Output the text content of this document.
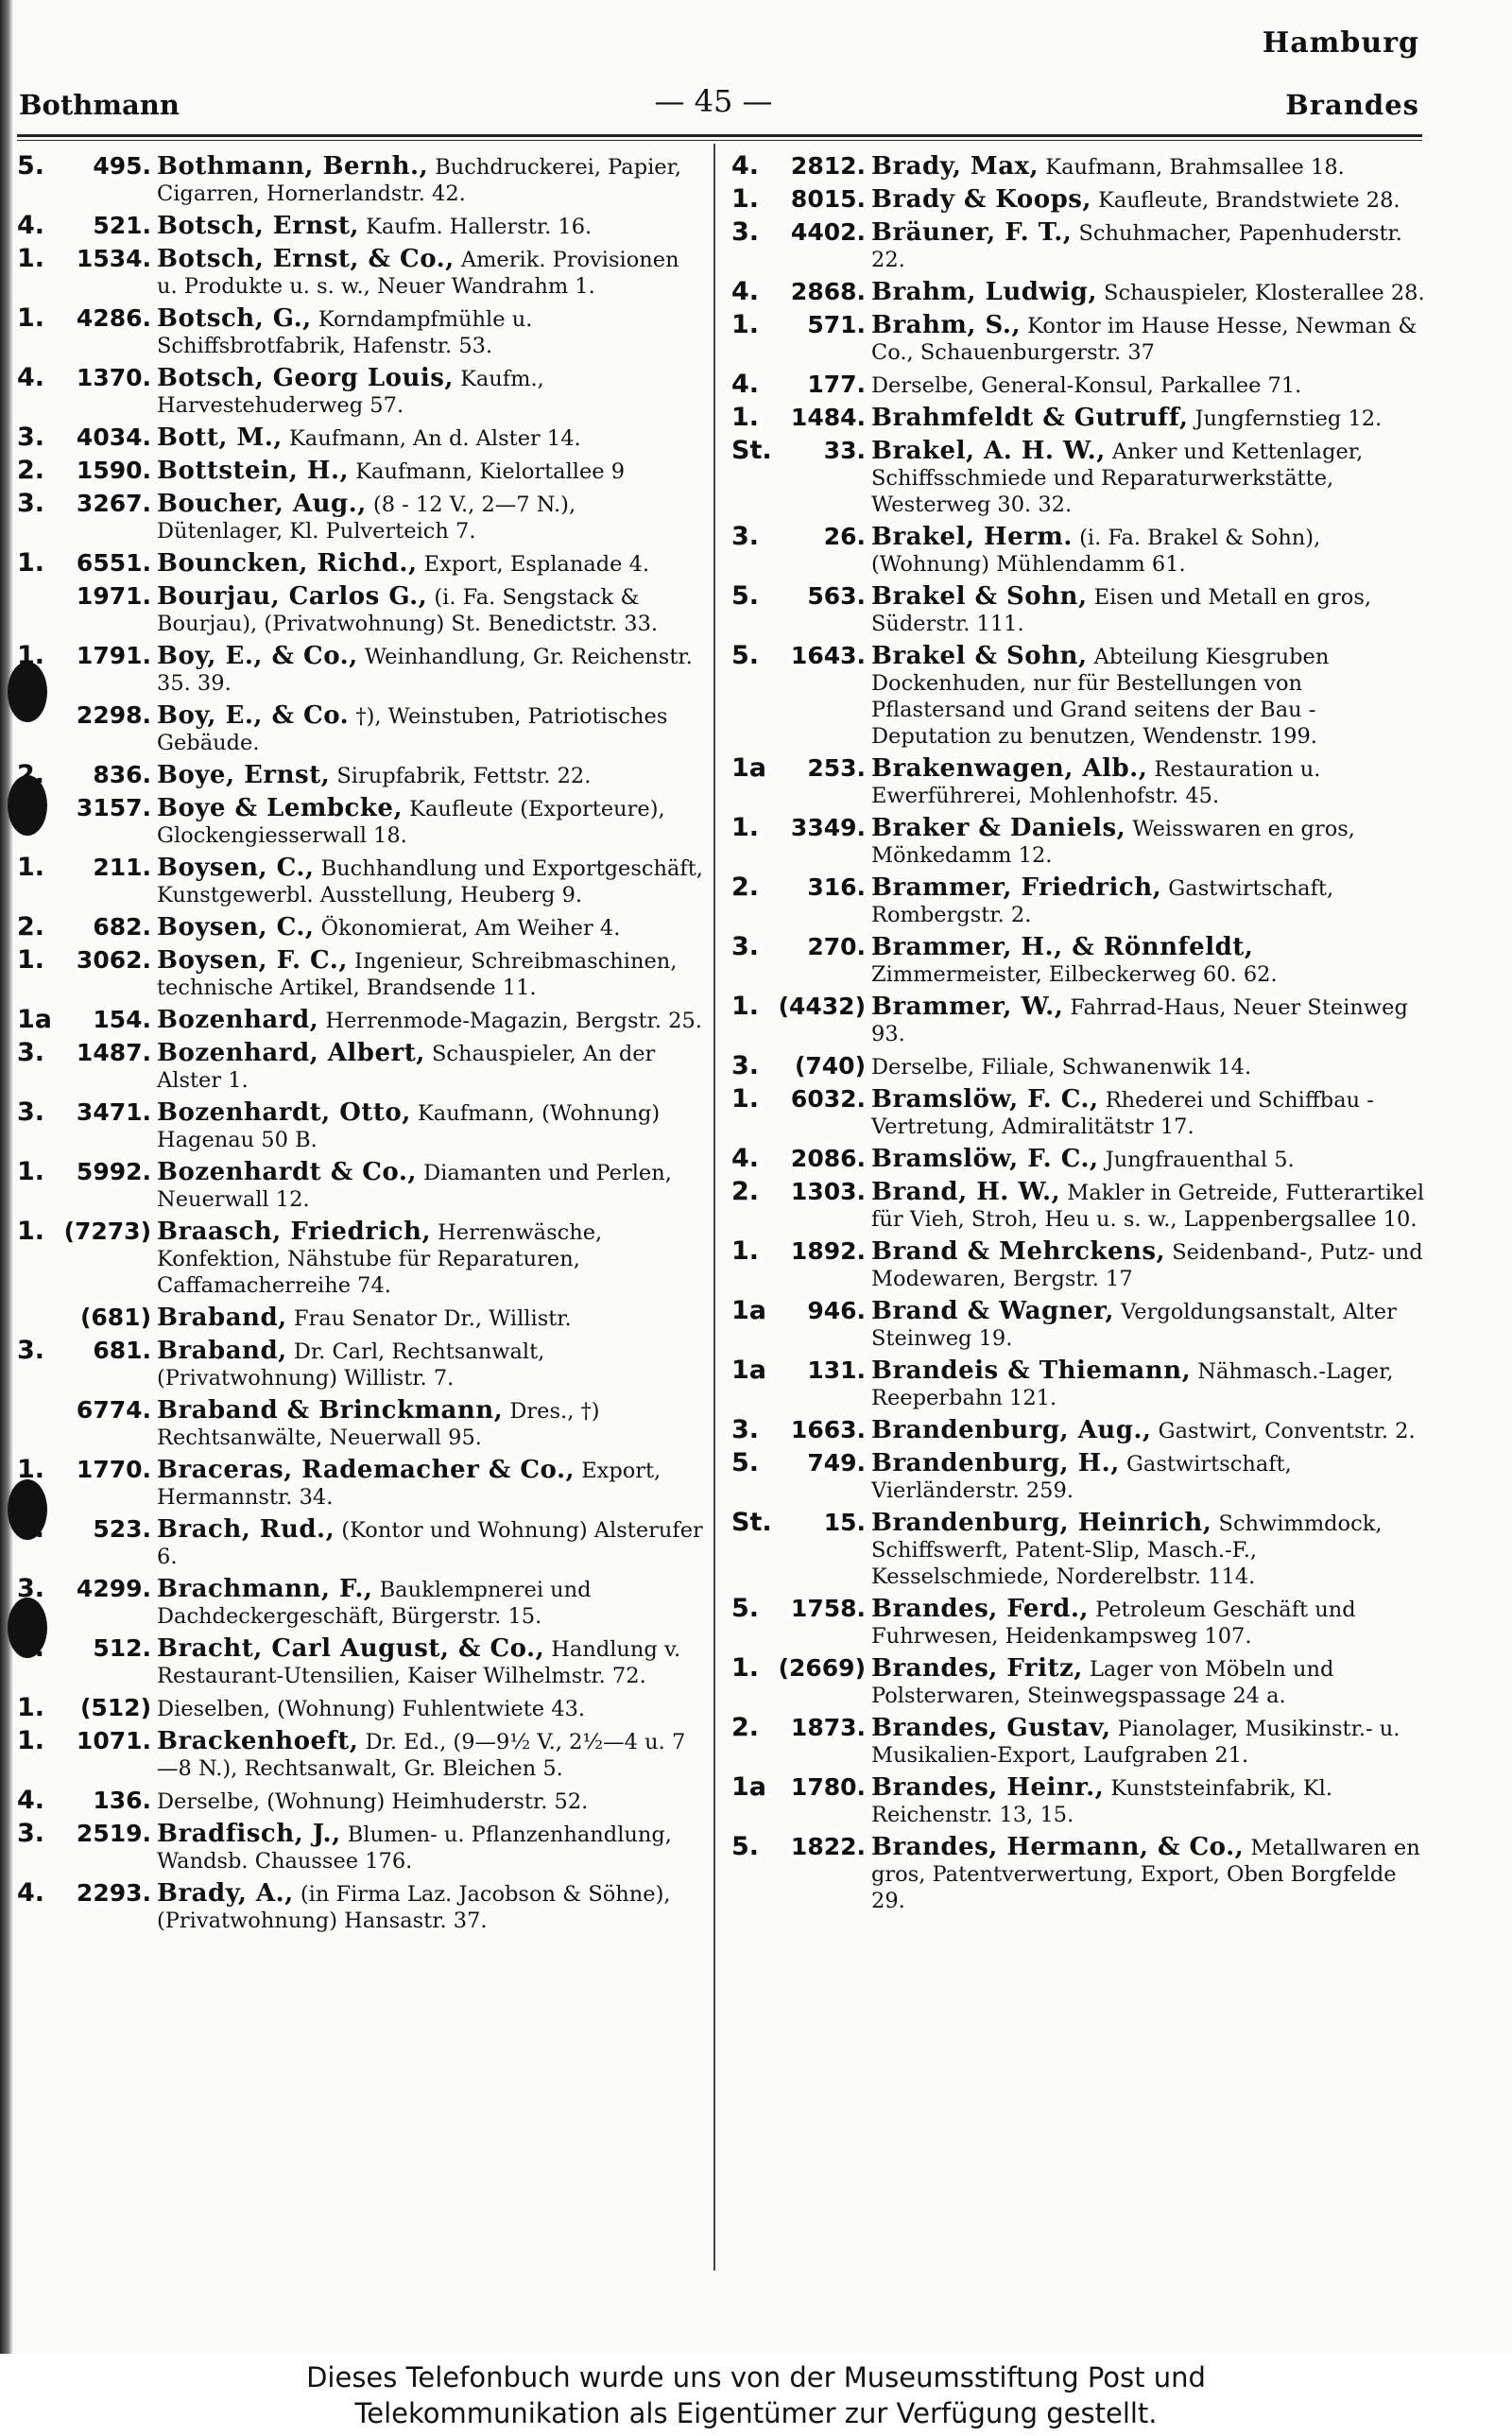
Hamburg
Bothmann	— 45 —	Brandes
5.	495. Bothmann, Bernh., Buchdruckerei, Papier, Cigarren, Hornerlandstr. 42.
4.	521. Botsch, Ernst, Kaufm. Hallerstr. 16.
1.	1534. Botsch, Ernst, & Co., Amerik. Provisionen u. Produkte u. s. w., Neuer Wandrahm 1.
1.	4286. Botsch, G., Korndampfmühle u. Schiffsbrotfabrik, Hafenstr. 53.
4.	1370. Botsch, Georg Louis, Kaufm., Harvestehuderweg 57.
3.	4034. Bott, M., Kaufmann, An d. Alster 14.
2.	1590. Bottstein, H., Kaufmann, Kielortallee 9
3.	3267. Boucher, Aug., (8 - 12 V., 2—7 N.), Dütenlager, Kl. Pulverteich 7.
1.	6551. Bouncken, Richd., Export, Esplanade 4.
1971. Bourjau, Carlos G., (i. Fa. Sengstack & Bourjau), (Privatwohnung) St. Benedictstr. 33.
1.	1791. Boy, E., & Co., Weinhandlung, Gr. Reichenstr. 35. 39.
2298. Boy, E., & Co. †), Weinstuben, Patriotisches Gebäude.
2.	836. Boye, Ernst, Sirupfabrik, Fettstr. 22.
1.	3157. Boye & Lembcke, Kaufleute (Exporteure), Glockengiesserwall 18.
1.	211. Boysen, C., Buchhandlung und Exportgeschäft, Kunstgewerbl. Ausstellung, Heuberg 9.
2.	682. Boysen, C., Ökonomierat, Am Weiher 4.
1.	3062. Boysen, F. C., Ingenieur, Schreibmaschinen, technische Artikel, Brandsende 11.
1a	154. Bozenhard, Herrenmode-Magazin, Bergstr. 25.
3.	1487. Bozenhard, Albert, Schauspieler, An der Alster 1.
3.	3471. Bozenhardt, Otto, Kaufmann, (Wohnung) Hagenau 50 B.
1.	5992. Bozenhardt & Co., Diamanten und Perlen, Neuerwall 12.
1. (7273) Braasch, Friedrich, Herrenwäsche, Konfektion, Nähstube für Reparaturen, Caffamacherreihe 74.
(681) Braband, Frau Senator Dr., Willistr.
3.	681. Braband, Dr. Carl, Rechtsanwalt, (Privatwohnung) Willistr. 7.
6774. Braband & Brinckmann, Dres., †) Rechtsanwälte, Neuerwall 95.
1.	1770. Braceras, Rademacher & Co., Export, Hermannstr. 34.
1.	523. Brach, Rud., (Kontor und Wohnung) Alsterufer 6.
3.	4299. Brachmann, F., Bauklempnerei und Dachdeckergeschäft, Bürgerstr. 15.
1.	512. Bracht, Carl August, & Co., Handlung v. Restaurant-Utensilien, Kaiser Wilhelmstr. 72.
1.	(512) Dieselben, (Wohnung) Fuhlentwiete 43.
1.	1071. Brackenhoeft, Dr. Ed., (9—9½ V., 2½—4 u. 7—8 N.), Rechtsanwalt, Gr. Bleichen 5.
4.	136. Derselbe, (Wohnung) Heimhuderstr. 52.
3.	2519. Bradfisch, J., Blumen- u. Pflanzenhandlung, Wandsb. Chaussee 176.
4.	2293. Brady, A., (in Firma Laz. Jacobson & Söhne), (Privatwohnung) Hansastr. 37.
4.	2812. Brady, Max, Kaufmann, Brahmsallee 18.
1.	8015. Brady & Koops, Kaufleute, Brandstwiete 28.
3.	4402. Bräuner, F. T., Schuhmacher, Papenhuderstr. 22.
4.	2868. Brahm, Ludwig, Schauspieler, Klosterallee 28.
1.	571. Brahm, S., Kontor im Hause Hesse, Newman & Co., Schauenburgerstr. 37
4.	177. Derselbe, General-Konsul, Parkallee 71.
1.	1484. Brahmfeldt & Gutruff, Jungfernstieg 12.
St.	33. Brakel, A. H. W., Anker und Kettenlager, Schiffsschmiede und Reparaturwerkstätte, Westerweg 30. 32.
3.	26. Brakel, Herm. (i. Fa. Brakel & Sohn), (Wohnung) Mühlendamm 61.
5.	563. Brakel & Sohn, Eisen und Metall en gros, Süderstr. 111.
5.	1643. Brakel & Sohn, Abteilung Kiesgruben Dockenhuden, nur für Bestellungen von Pflastersand und Grand seitens der Bau - Deputation zu benutzen, Wendenstr. 199.
1a	253. Brakenwagen, Alb., Restauration u. Ewerführerei, Mohlenhofstr. 45.
1.	3349. Braker & Daniels, Weisswaren en gros, Mönkedamm 12.
2.	316. Brammer, Friedrich, Gastwirtschaft, Rombergstr. 2.
3.	270. Brammer, H., & Rönnfeldt, Zimmermeister, Eilbeckerweg 60. 62.
1. (4432) Brammer, W., Fahrrad-Haus, Neuer Steinweg 93.
3.	(740) Derselbe, Filiale, Schwanenwik 14.
1.	6032. Bramslöw, F. C., Rhederei und Schiffbau - Vertretung, Admiralitätstr 17.
4.	2086. Bramslöw, F. C., Jungfrauenthal 5.
2.	1303. Brand, H. W., Makler in Getreide, Futterartikel für Vieh, Stroh, Heu u. s. w., Lappenbergsallee 10.
1.	1892. Brand & Mehrckens, Seidenband-, Putz- und Modewaren, Bergstr. 17
1a	946. Brand & Wagner, Vergoldungsanstalt, Alter Steinweg 19.
1a	131. Brandeis & Thiemann, Nähmasch.-Lager, Reeperbahn 121.
3.	1663. Brandenburg, Aug., Gastwirt, Conventstr. 2.
5.	749. Brandenburg, H., Gastwirtschaft, Vierländerstr. 259.
St.	15. Brandenburg, Heinrich, Schwimmdock, Schiffswerft, Patent-Slip, Masch.-F., Kesselschmiede, Norderelbstr. 114.
5.	1758. Brandes, Ferd., Petroleum Geschäft und Fuhrwesen, Heidenkampsweg 107.
1. (2669) Brandes, Fritz, Lager von Möbeln und Polsterwaren, Steinwegspassage 24 a.
2.	1873. Brandes, Gustav, Pianolager, Musikinstr.- u. Musikalien-Export, Laufgraben 21.
1a	1780. Brandes, Heinr., Kunststeinfabrik, Kl. Reichenstr. 13, 15.
5.	1822. Brandes, Hermann, & Co., Metallwaren en gros, Patentverwertung, Export, Oben Borgfelde 29.
Dieses Telefonbuch wurde uns von der Museumsstiftung Post und
Telekommunikation als Eigentümer zur Verfügung gestellt.
